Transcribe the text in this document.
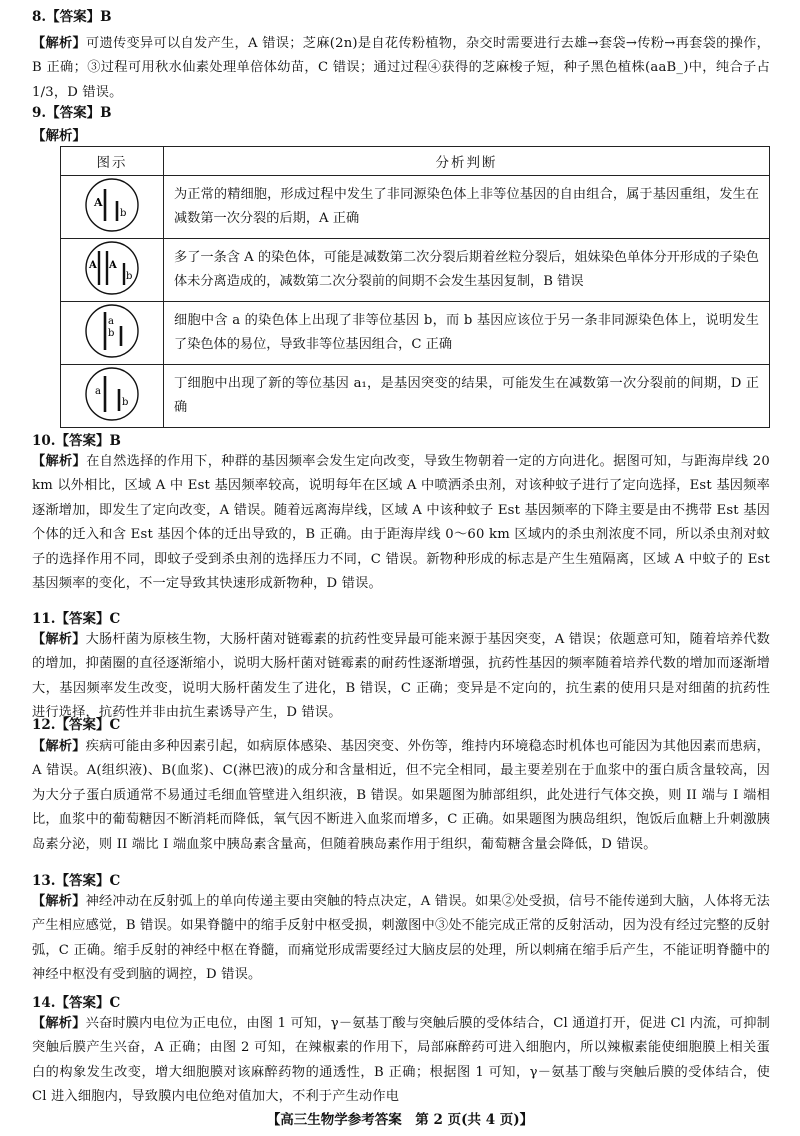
8.【答案】B
【解析】可遗传变异可以自发产生，A 错误；芝麻(2n)是自花传粉植物，杂交时需要进行去雄→套袋→传粉→再套袋的操作，B 正确；③过程可用秋水仙素处理单倍体幼苗，C 错误；通过过程④获得的芝麻梭子短，种子黑色植株(aaB_)中，纯合子占 1/3，D 错误。
9.【答案】B
【解析】
图示	分析判断

A
b	为正常的精细胞，形成过程中发生了非同源染色体上非等位基因的自由组合，属于基因重组，发生在减数第一次分裂的后期，A 正确

A A
b	多了一条含 A 的染色体，可能是减数第二次分裂后期着丝粒分裂后，姐妹染色单体分开形成的子染色体未分离造成的，减数第二次分裂前的间期不会发生基因复制，B 错误

a
b	细胞中含 a 的染色体上出现了非等位基因 b，而 b 基因应该位于另一条非同源染色体上，说明发生了染色体的易位，导致非等位基因组合，C 正确

a
b	丁细胞中出现了新的等位基因 a₁，是基因突变的结果，可能发生在减数第一次分裂前的间期，D 正确
10.【答案】B
【解析】在自然选择的作用下，种群的基因频率会发生定向改变，导致生物朝着一定的方向进化。据图可知，与距海岸线 20 km 以外相比，区域 A 中 Est 基因频率较高，说明每年在区域 A 中喷洒杀虫剂，对该种蚊子进行了定向选择，Est 基因频率逐渐增加，即发生了定向改变，A 错误。随着远离海岸线，区域 A 中该种蚊子 Est 基因频率的下降主要是由不携带 Est 基因个体的迁入和含 Est 基因个体的迁出导致的，B 正确。由于距海岸线 0～60 km 区域内的杀虫剂浓度不同，所以杀虫剂对蚊子的选择作用不同，即蚊子受到杀虫剂的选择压力不同，C 错误。新物种形成的标志是产生生殖隔离，区域 A 中蚊子的 Est 基因频率的变化，不一定导致其快速形成新物种，D 错误。
11.【答案】C
【解析】大肠杆菌为原核生物，大肠杆菌对链霉素的抗药性变异最可能来源于基因突变，A 错误；依题意可知，随着培养代数的增加，抑菌圈的直径逐渐缩小，说明大肠杆菌对链霉素的耐药性逐渐增强，抗药性基因的频率随着培养代数的增加而逐渐增大，基因频率发生改变，说明大肠杆菌发生了进化，B 错误，C 正确；变异是不定向的，抗生素的使用只是对细菌的抗药性进行选择，抗药性并非由抗生素诱导产生，D 错误。
12.【答案】C
【解析】疾病可能由多种因素引起，如病原体感染、基因突变、外伤等，维持内环境稳态时机体也可能因为其他因素而患病，A 错误。A(组织液)、B(血浆)、C(淋巴液)的成分和含量相近，但不完全相同，最主要差别在于血浆中的蛋白质含量较高，因为大分子蛋白质通常不易通过毛细血管壁进入组织液，B 错误。如果题图为肺部组织，此处进行气体交换，则 II 端与 I 端相比，血浆中的葡萄糖因不断消耗而降低，氧气因不断进入血浆而增多，C 正确。如果题图为胰岛组织，饱饭后血糖上升刺激胰岛素分泌，则 II 端比 I 端血浆中胰岛素含量高，但随着胰岛素作用于组织，葡萄糖含量会降低，D 错误。
13.【答案】C
【解析】神经冲动在反射弧上的单向传递主要由突触的特点决定，A 错误。如果②处受损，信号不能传递到大脑，人体将无法产生相应感觉，B 错误。如果脊髓中的缩手反射中枢受损，刺激图中③处不能完成正常的反射活动，因为没有经过完整的反射弧，C 正确。缩手反射的神经中枢在脊髓，而痛觉形成需要经过大脑皮层的处理，所以刺痛在缩手后产生，不能证明脊髓中的神经中枢没有受到脑的调控，D 错误。
14.【答案】C
【解析】兴奋时膜内电位为正电位，由图 1 可知，γ－氨基丁酸与突触后膜的受体结合，Cl 通道打开，促进 Cl 内流，可抑制突触后膜产生兴奋，A 正确；由图 2 可知，在辣椒素的作用下，局部麻醉药可进入细胞内，所以辣椒素能使细胞膜上相关蛋白的构象发生改变，增大细胞膜对该麻醉药物的通透性，B 正确；根据图 1 可知，γ－氨基丁酸与突触后膜的受体结合，使 Cl 进入细胞内，导致膜内电位绝对值加大，不利于产生动作电
【高三生物学参考答案　第 2 页(共 4 页)】
